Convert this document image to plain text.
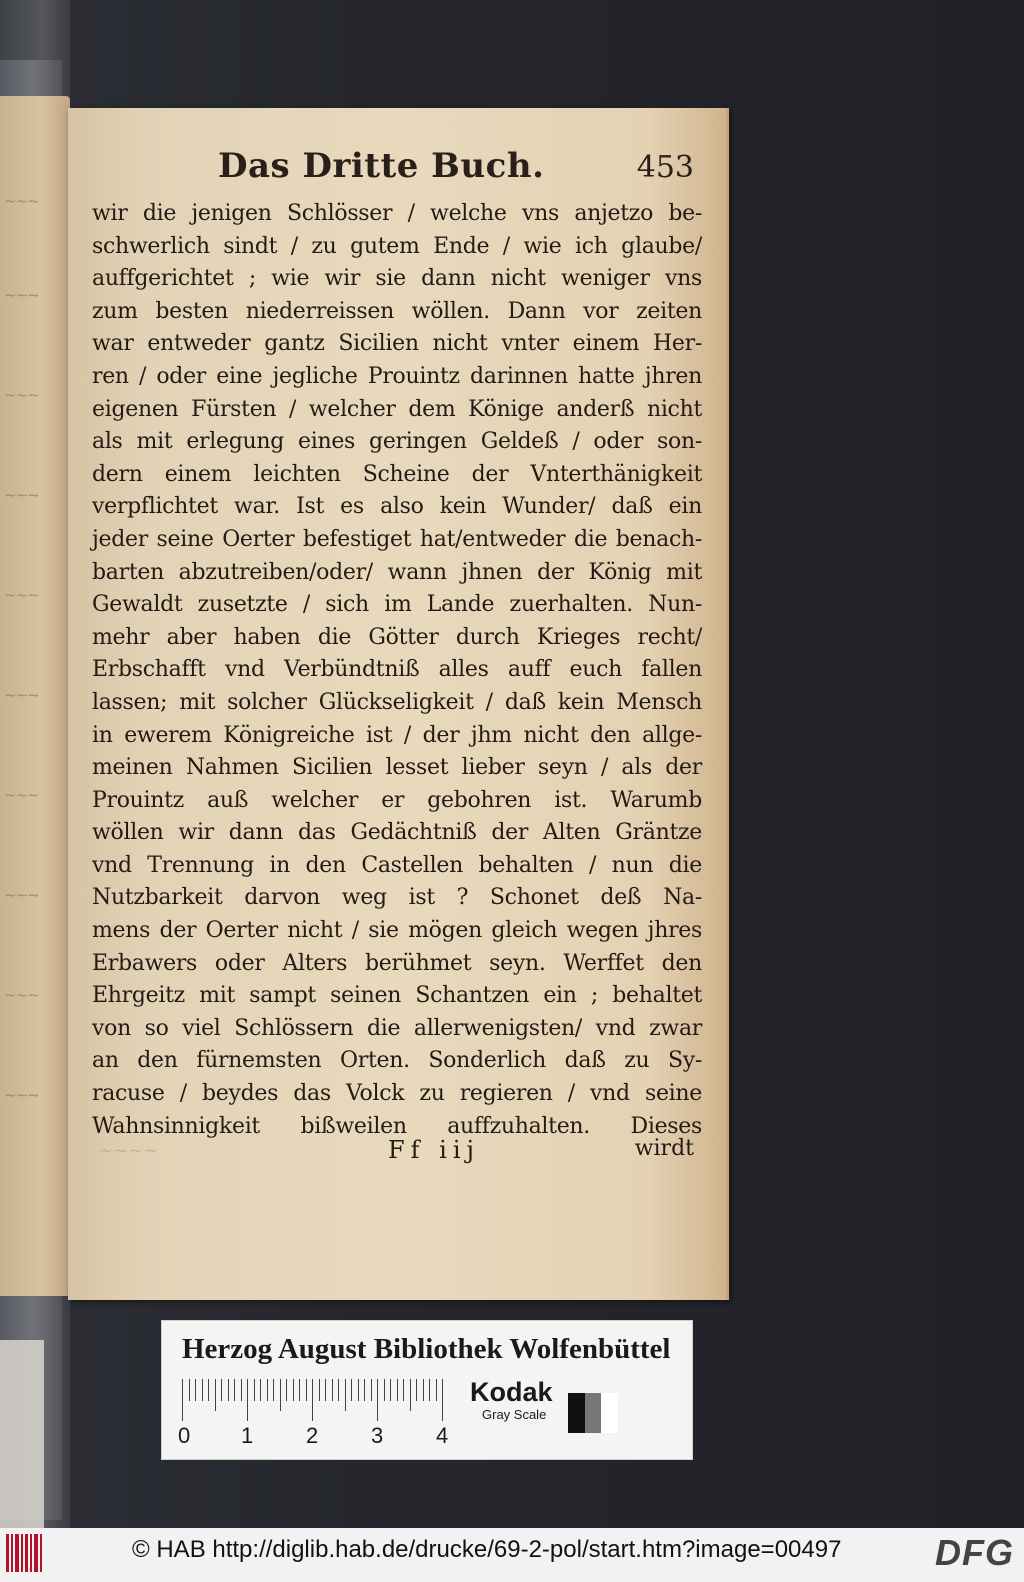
~~~
~~~
~~~
~~~
~~~
~~~
~~~
~~~
~~~
~~~
Das Dritte Buch.	453
wir die jenigen Schlösser / welche vns anjetzo be-
schwerlich sindt / zu gutem Ende / wie ich glaube/
auffgerichtet ; wie wir sie dann nicht weniger vns
zum besten niederreissen wöllen. Dann vor zeiten
war entweder gantz Sicilien nicht vnter einem Her-
ren / oder eine jegliche Prouintz darinnen hatte jhren
eigenen Fürsten / welcher dem Könige anderß nicht
als mit erlegung eines geringen Geldeß / oder son-
dern einem leichten Scheine der Vnterthänigkeit
verpflichtet war. Ist es also kein Wunder/ daß ein
jeder seine Oerter befestiget hat/entweder die benach-
barten abzutreiben/oder/ wann jhnen der König mit
Gewaldt zusetzte / sich im Lande zuerhalten. Nun-
mehr aber haben die Götter durch Krieges recht/
Erbschafft vnd Verbündtniß alles auff euch fallen
lassen; mit solcher Glückseligkeit / daß kein Mensch
in ewerem Königreiche ist / der jhm nicht den allge-
meinen Nahmen Sicilien lesset lieber seyn / als der
Prouintz auß welcher er gebohren ist. Warumb
wöllen wir dann das Gedächtniß der Alten Gräntze
vnd Trennung in den Castellen behalten / nun die
Nutzbarkeit darvon weg ist ? Schonet deß Na-
mens der Oerter nicht / sie mögen gleich wegen jhres
Erbawers oder Alters berühmet seyn. Werffet den
Ehrgeitz mit sampt seinen Schantzen ein ; behaltet
von so viel Schlössern die allerwenigsten/ vnd zwar
an den fürnemsten Orten. Sonderlich daß zu Sy-
racuse / beydes das Volck zu regieren / vnd seine
Wahnsinnigkeit bißweilen auffzuhalten. Dieses
~~~~	Ff iij	wirdt
Herzog August Bibliothek Wolfenbüttel
0 1 2 3 4
Kodak
Gray Scale
© HAB http://diglib.hab.de/drucke/69-2-pol/start.htm?image=00497	DFG
